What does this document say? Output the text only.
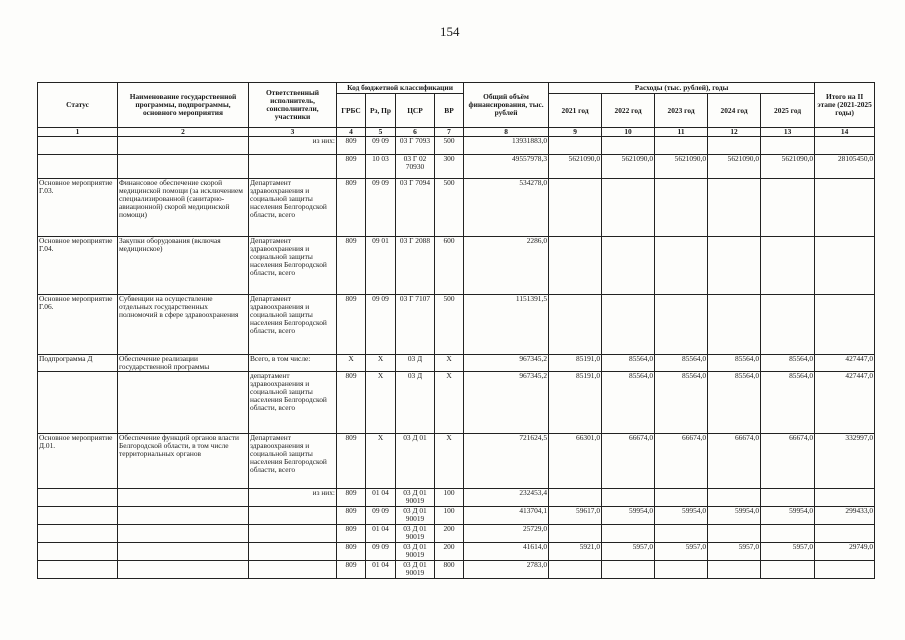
154
Статус	Наименование государственной программы, подпрограммы, основного мероприятия	Ответственный исполнитель, соисполнители, участники	Код бюджетной классификации				Общий объём финансирования, тыс. рублей	Расходы (тыс. рублей), годы					Итого на II этапе (2021-2025 годы)
			ГРБС	Рз, Пр	ЦСР	ВР		2021 год	2022 год	2023 год	2024 год	2025 год	
1	2	3	4	5	6	7	8	9	10	11	12	13	14
		из них:	809	09 09	03 Г 7093	500	13931883,0						
			809	10 03	03 Г 02 70930	300	49557978,3	5621090,0	5621090,0	5621090,0	5621090,0	5621090,0	28105450,0
Основное мероприятие Г.03.	Финансовое обеспечение скорой медицинской помощи (за исключением специализированной (санитарно-авиационной) скорой медицинской помощи)	Департамент здравоохранения и социальной защиты населения Белгородской области, всего	809	09 09	03 Г 7094	500	534278,0						
Основное мероприятие Г.04.	Закупки оборудования (включая медицинское)	Департамент здравоохранения и социальной защиты населения Белгородской области, всего	809	09 01	03 Г 2088	600	2286,0						
Основное мероприятие Г.06.	Субвенции на осуществление отдельных государственных полномочий в сфере здравоохранения	Департамент здравоохранения и социальной защиты населения Белгородской области, всего	809	09 09	03 Г 7107	500	1151391,5						
Подпрограмма Д	Обеспечение реализации государственной программы	Всего, в том числе:	Х	Х	03 Д	Х	967345,2	85191,0	85564,0	85564,0	85564,0	85564,0	427447,0
		департамент здравоохранения и социальной защиты населения Белгородской области, всего	809	Х	03 Д	Х	967345,2	85191,0	85564,0	85564,0	85564,0	85564,0	427447,0
Основное мероприятие Д.01.	Обеспечение функций органов власти Белгородской области, в том числе территориальных органов	Департамент здравоохранения и социальной защиты населения Белгородской области, всего	809	Х	03 Д 01	Х	721624,5	66301,0	66674,0	66674,0	66674,0	66674,0	332997,0
		из них:	809	01 04	03 Д 01 90019	100	232453,4						
			809	09 09	03 Д 01 90019	100	413704,1	59617,0	59954,0	59954,0	59954,0	59954,0	299433,0
			809	01 04	03 Д 01 90019	200	25729,0						
			809	09 09	03 Д 01 90019	200	41614,0	5921,0	5957,0	5957,0	5957,0	5957,0	29749,0
			809	01 04	03 Д 01 90019	800	2783,0						
